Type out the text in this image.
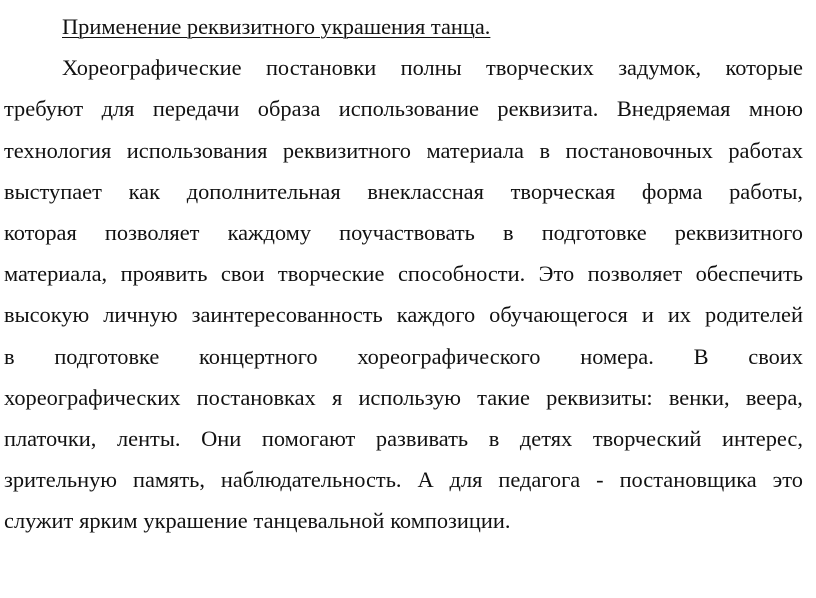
Применение реквизитного украшения танца.

Хореографические постановки полны творческих задумок, которые
требуют для передачи образа использование реквизита. Внедряемая мною
технология использования реквизитного материала в постановочных работах
выступает как дополнительная внеклассная творческая форма работы,
которая позволяет каждому поучаствовать в подготовке реквизитного
материала, проявить свои творческие способности. Это позволяет обеспечить
высокую личную заинтересованность каждого обучающегося и их родителей
в подготовке концертного хореографического номера. В своих
хореографических постановках я использую такие реквизиты: венки, веера,
платочки, ленты. Они помогают развивать в детях творческий интерес,
зрительную память, наблюдательность. А для педагога - постановщика это
служит ярким украшение танцевальной композиции.
